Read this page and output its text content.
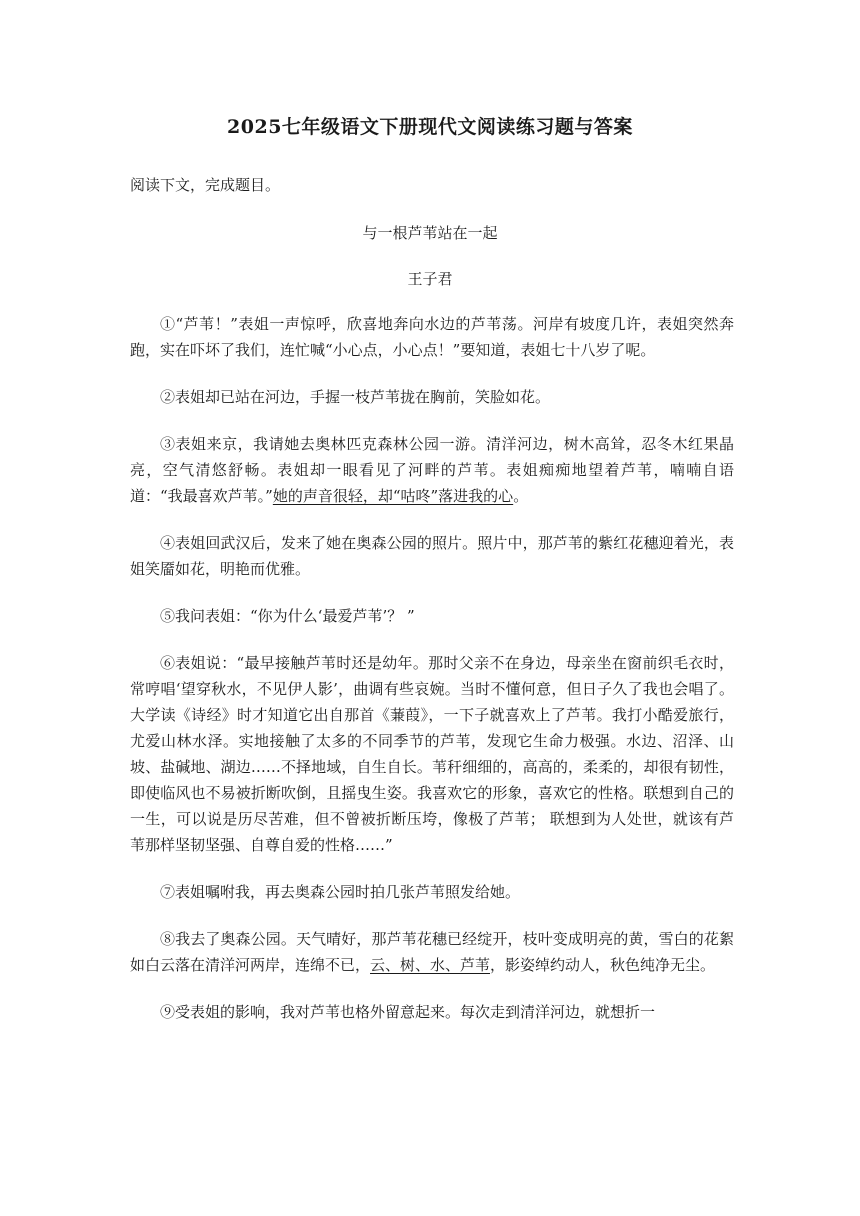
2025七年级语文下册现代文阅读练习题与答案
阅读下文，完成题目。
与一根芦苇站在一起
王子君

①“芦苇！”表姐一声惊呼，欣喜地奔向水边的芦苇荡。河岸有坡度几许，表姐突然奔跑，实在吓坏了我们，连忙喊“小心点，小心点！”要知道，表姐七十八岁了呢。

②表姐却已站在河边，手握一枝芦苇拢在胸前，笑脸如花。

③表姐来京，我请她去奥林匹克森林公园一游。清洋河边，树木高耸，忍冬木红果晶亮，空气清悠舒畅。表姐却一眼看见了河畔的芦苇。表姐痴痴地望着芦苇，喃喃自语道：“我最喜欢芦苇。”她的声音很轻，却“咕咚”落进我的心。

④表姐回武汉后，发来了她在奥森公园的照片。照片中，那芦苇的紫红花穗迎着光，表姐笑靥如花，明艳而优雅。

⑤我问表姐：“你为什么‘最爱芦苇’？ ”

⑥表姐说：“最早接触芦苇时还是幼年。那时父亲不在身边，母亲坐在窗前织毛衣时，常哼唱‘望穿秋水，不见伊人影’，曲调有些哀婉。当时不懂何意，但日子久了我也会唱了。大学读《诗经》时才知道它出自那首《蒹葭》，一下子就喜欢上了芦苇。我打小酷爱旅行，尤爱山林水泽。实地接触了太多的不同季节的芦苇，发现它生命力极强。水边、沼泽、山坡、盐碱地、湖边……不择地域，自生自长。苇秆细细的，高高的，柔柔的，却很有韧性，即使临风也不易被折断吹倒，且摇曳生姿。我喜欢它的形象，喜欢它的性格。联想到自己的一生，可以说是历尽苦难，但不曾被折断压垮，像极了芦苇； 联想到为人处世，就该有芦苇那样坚韧坚强、自尊自爱的性格……”

⑦表姐嘱咐我，再去奥森公园时拍几张芦苇照发给她。

⑧我去了奥森公园。天气晴好，那芦苇花穗已经绽开，枝叶变成明亮的黄，雪白的花絮如白云落在清洋河两岸，连绵不已，云、树、水、芦苇，影姿绰约动人，秋色纯净无尘。

⑨受表姐的影响，我对芦苇也格外留意起来。每次走到清洋河边，就想折一
